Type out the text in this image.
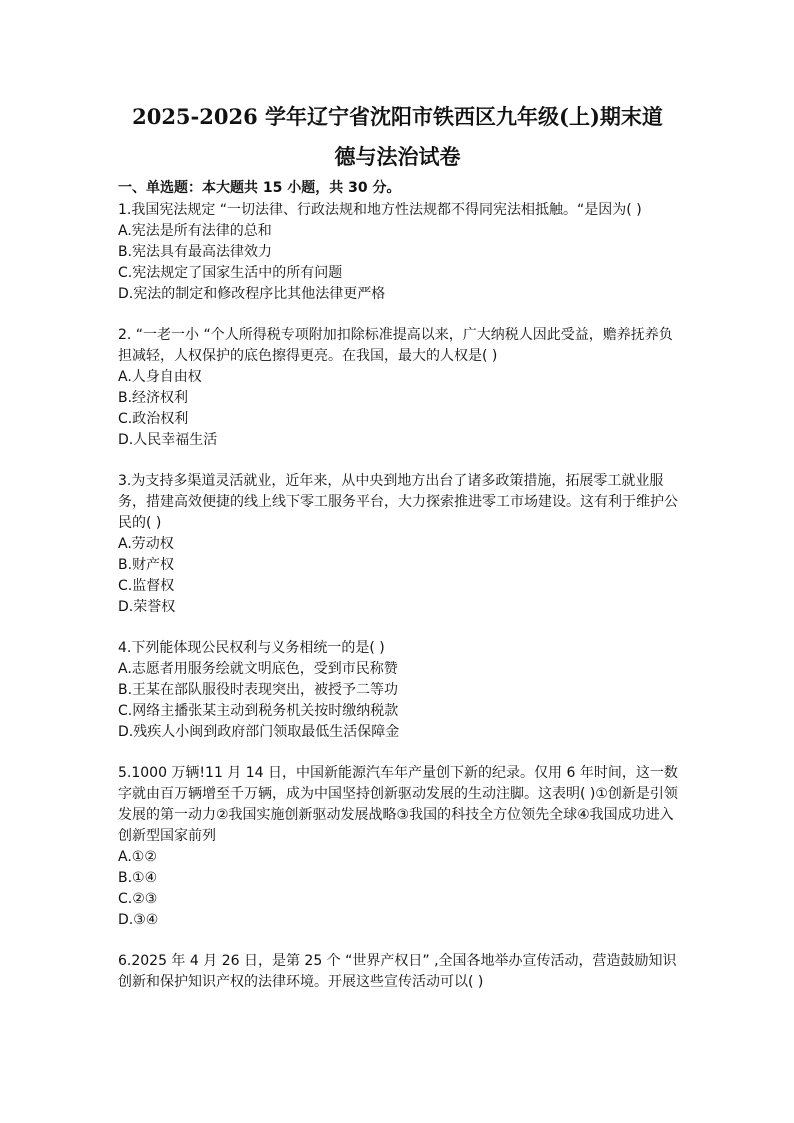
2025-2026 学年辽宁省沈阳市铁西区九年级(上)期末道
德与法治试卷

一、单选题：本大题共 15 小题，共 30 分。

1.我国宪法规定 “一切法律、行政法规和地方性法规都不得同宪法相抵触。“是因为( )

A.宪法是所有法律的总和

B.宪法具有最高法律效力

C.宪法规定了国家生活中的所有问题

D.宪法的制定和修改程序比其他法律更严格

2. “一老一小 “个人所得税专项附加扣除标准提高以来，广大纳税人因此受益，赡养抚养负担减轻，人权保护的底色擦得更亮。在我国，最大的人权是( )

A.人身自由权

B.经济权利

C.政治权利

D.人民幸福生活

3.为支持多渠道灵活就业，近年来，从中央到地方出台了诸多政策措施，拓展零工就业服务，措建高效便捷的线上线下零工服务平台，大力探索推进零工市场建设。这有利于维护公民的( )

A.劳动权

B.财产权

C.监督权

D.荣誉权

4.下列能体现公民权利与义务相统一的是( )

A.志愿者用服务绘就文明底色，受到市民称赞

B.王某在部队服役时表现突出，被授予二等功

C.网络主播张某主动到税务机关按时缴纳税款

D.残疾人小闽到政府部门领取最低生活保障金

5.1000 万辆!11 月 14 日，中国新能源汽车年产量创下新的纪录。仅用 6 年时间，这一数字就由百万辆增至千万辆，成为中国坚持创新驱动发展的生动注脚。这表明( )①创新是引领发展的第一动力②我国实施创新驱动发展战略③我国的科技全方位领先全球④我国成功进入创新型国家前列

A.①②

B.①④

C.②③

D.③④

6.2025 年 4 月 26 日，是第 25 个 “世界产权日” ,全国各地举办宣传活动，营造鼓励知识创新和保护知识产权的法律环境。开展这些宣传活动可以( )
